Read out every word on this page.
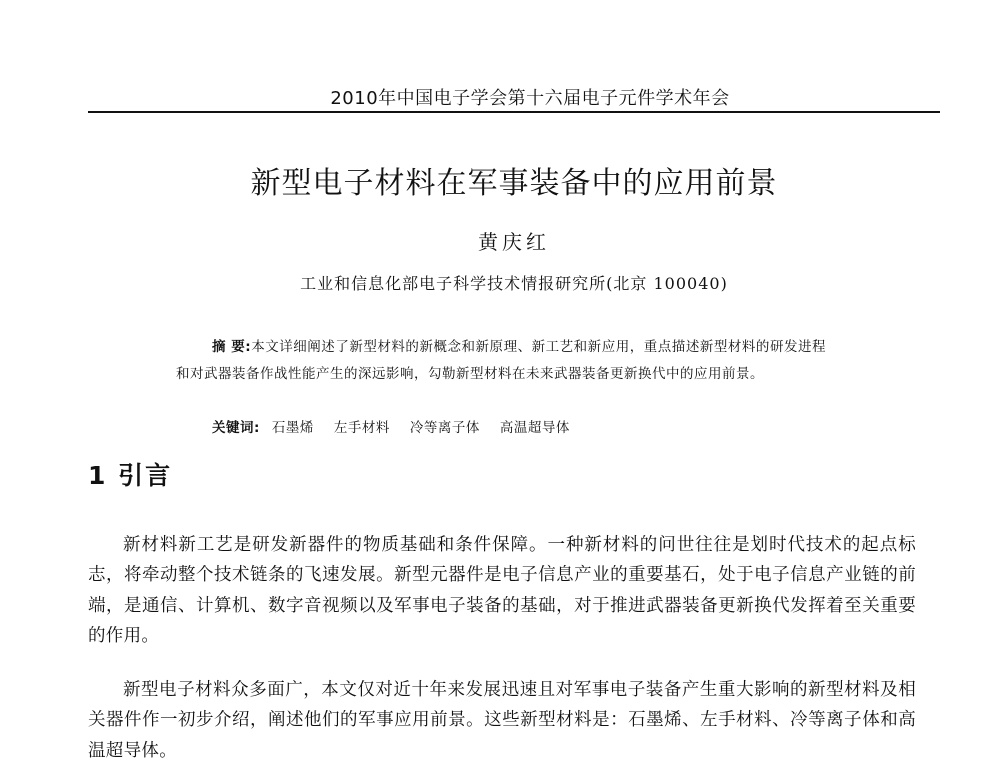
2010年中国电子学会第十六届电子元件学术年会
新型电子材料在军事装备中的应用前景
黄庆红
工业和信息化部电子科学技术情报研究所(北京 100040)
摘 要:本文详细阐述了新型材料的新概念和新原理、新工艺和新应用，重点描述新型材料的研发进程和对武器装备作战性能产生的深远影响，勾勒新型材料在未来武器装备更新换代中的应用前景。
关键词: 石墨烯 左手材料 冷等离子体 高温超导体
1 引言

新材料新工艺是研发新器件的物质基础和条件保障。一种新材料的问世往往是划时代技术的起点标志，将牵动整个技术链条的飞速发展。新型元器件是电子信息产业的重要基石，处于电子信息产业链的前端，是通信、计算机、数字音视频以及军事电子装备的基础，对于推进武器装备更新换代发挥着至关重要的作用。

新型电子材料众多面广，本文仅对近十年来发展迅速且对军事电子装备产生重大影响的新型材料及相关器件作一初步介绍，阐述他们的军事应用前景。这些新型材料是：石墨烯、左手材料、冷等离子体和高温超导体。
